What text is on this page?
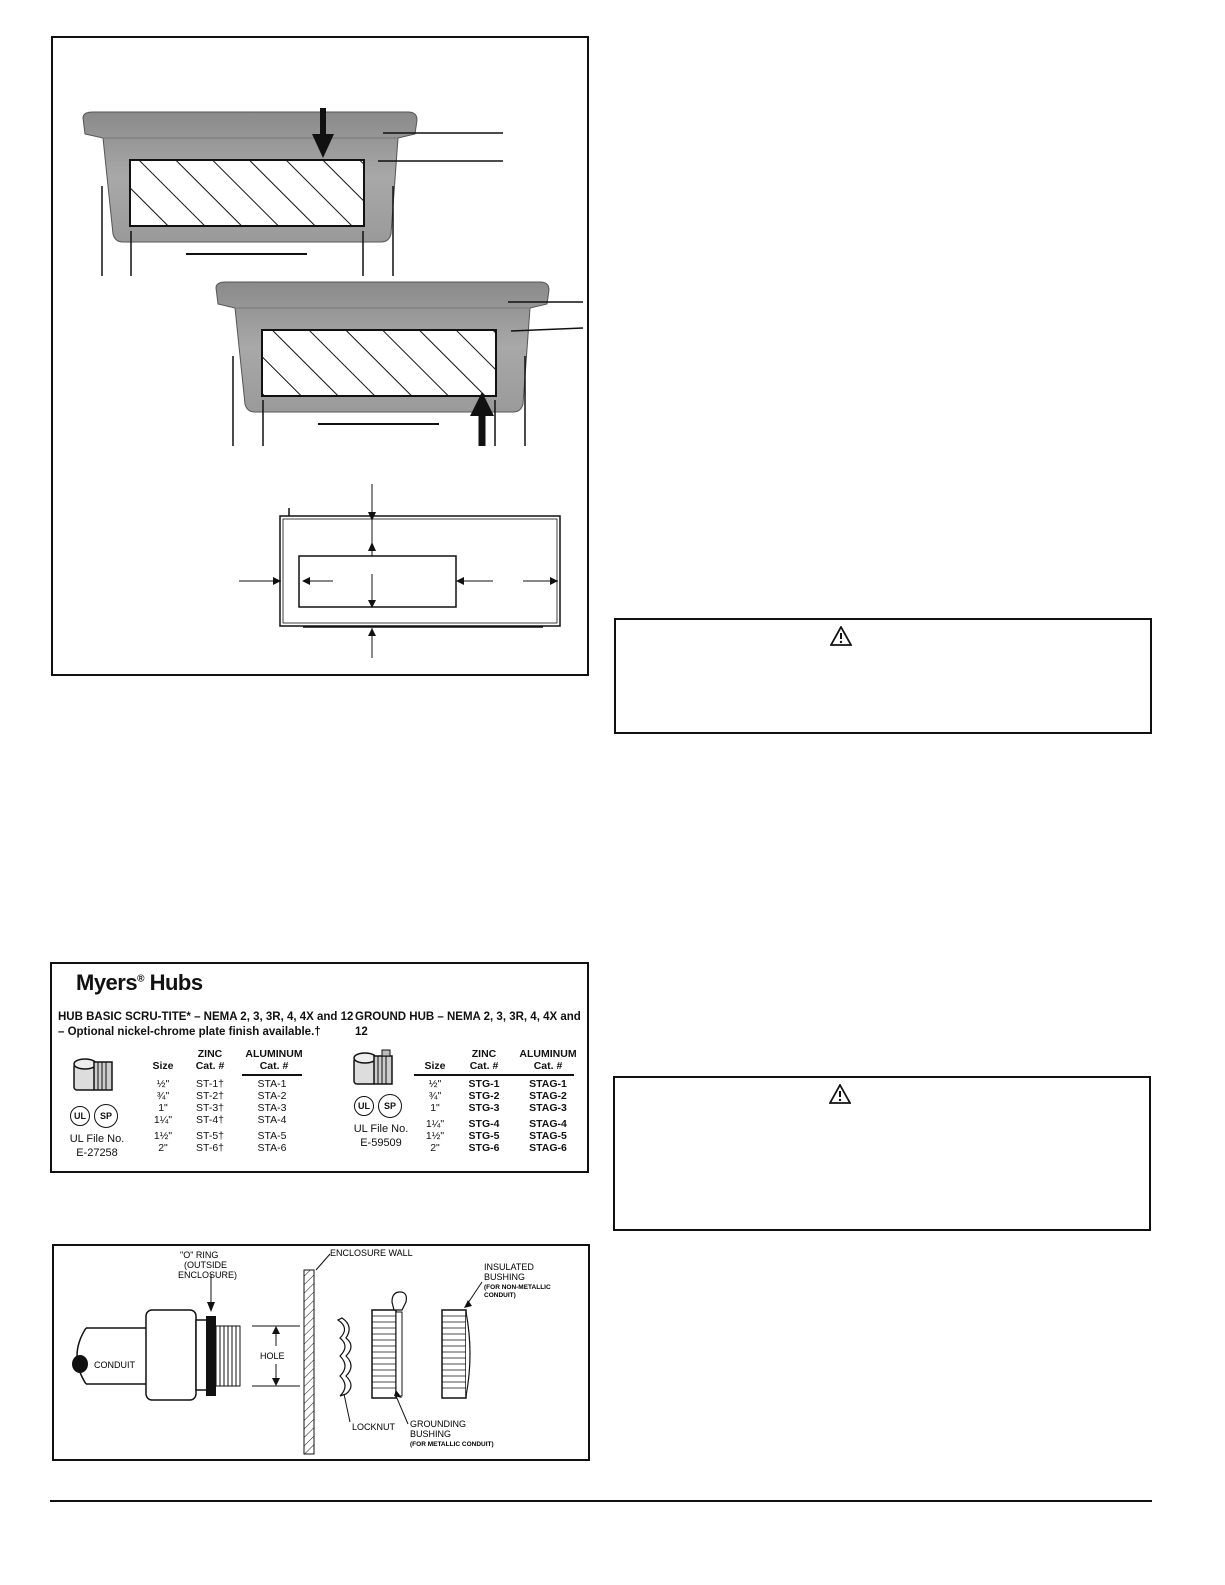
Myers® Hubs
HUB BASIC SCRU-TITE* – NEMA 2, 3, 3R, 4, 4X and 12
– Optional nickel-chrome plate finish available.†
UL	SP
UL File No.
E-27258
Size
ZINC Cat. #
ALUMINUM Cat. #
½"
¾"
1"
1¼"
1½"
2"
ST-1†
ST-2†
ST-3†
ST-4†
ST-5†
ST-6†
STA-1
STA-2
STA-3
STA-4
STA-5
STA-6
GROUND HUB – NEMA 2, 3, 3R, 4, 4X and 12
UL	SP
UL File No.
E-59509
Size
ZINC Cat. #
ALUMINUM Cat. #
½"
¾"
1"
1¼"
1½"
2"
STG-1
STG-2
STG-3
STG-4
STG-5
STG-6
STAG-1
STAG-2
STAG-3
STAG-4
STAG-5
STAG-6
"O" RING
(OUTSIDE
ENCLOSURE)
ENCLOSURE WALL
INSULATED
BUSHING
(FOR NON-METALLIC
CONDUIT)
HOLE
CONDUIT
LOCKNUT GROUNDING
BUSHING
(FOR METALLIC CONDUIT)
